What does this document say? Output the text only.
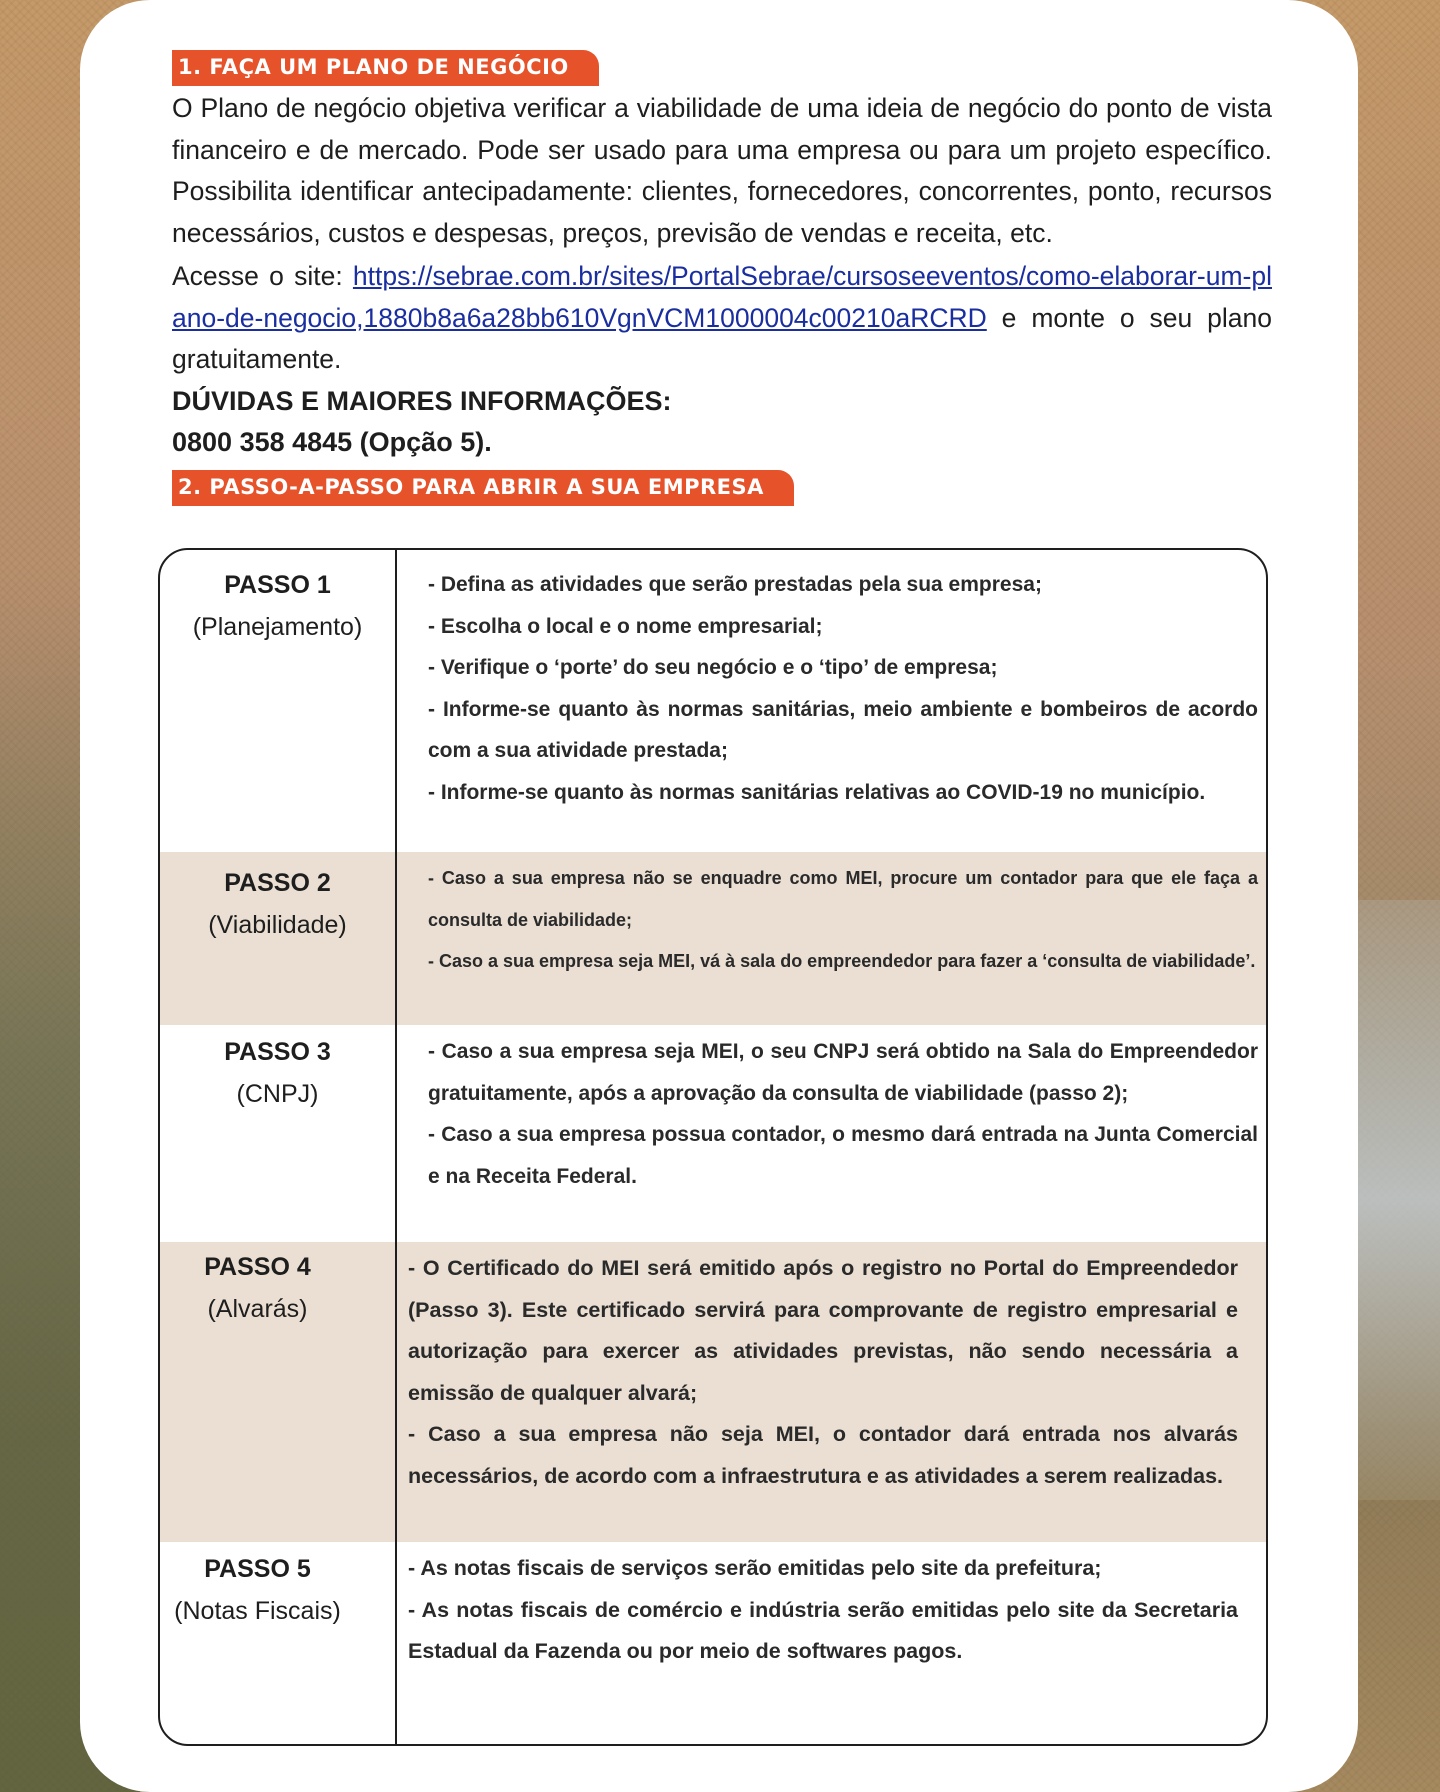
1. FAÇA UM PLANO DE NEGÓCIO

O Plano de negócio objetiva verificar a viabilidade de uma ideia de negócio do ponto de vista financeiro e de mercado. Pode ser usado para uma empresa ou para um projeto específico. Possibilita identificar antecipadamente: clientes, fornecedores, concorrentes, ponto, recursos necessários, custos e despesas, preços, previsão de vendas e receita, etc.

Acesse o site: https://sebrae.com.br/sites/PortalSebrae/cursoseeventos/como-elaborar-um-plano-de-negocio,1880b8a6a28bb610VgnVCM1000004c00210aRCRD e monte o seu plano gratuitamente.

DÚVIDAS E MAIORES INFORMAÇÕES:

0800 358 4845 (Opção 5).

2. PASSO-A-PASSO PARA ABRIR A SUA EMPRESA
PASSO 1
(Planejamento)

- Defina as atividades que serão prestadas pela sua empresa;

- Escolha o local e o nome empresarial;

- Verifique o ‘porte’ do seu negócio e o ‘tipo’ de empresa;

- Informe-se quanto às normas sanitárias, meio ambiente e bombeiros de acordo com a sua atividade prestada;

- Informe-se quanto às normas sanitárias relativas ao COVID-19 no município.

PASSO 2
(Viabilidade)

- Caso a sua empresa não se enquadre como MEI, procure um contador para que ele faça a consulta de viabilidade;

- Caso a sua empresa seja MEI, vá à sala do empreendedor para fazer a ‘consulta de viabilidade’.

PASSO 3
(CNPJ)

- Caso a sua empresa seja MEI, o seu CNPJ será obtido na Sala do Empreendedor gratuitamente, após a aprovação da consulta de viabilidade (passo 2);

- Caso a sua empresa possua contador, o mesmo dará entrada na Junta Comercial e na Receita Federal.

PASSO 4
(Alvarás)

- O Certificado do MEI será emitido após o registro no Portal do Empreendedor (Passo 3). Este certificado servirá para comprovante de registro empresarial e autorização para exercer as atividades previstas, não sendo necessária a emissão de qualquer alvará;

- Caso a sua empresa não seja MEI, o contador dará entrada nos alvarás necessários, de acordo com a infraestrutura e as atividades a serem realizadas.

PASSO 5
(Notas Fiscais)

- As notas fiscais de serviços serão emitidas pelo site da prefeitura;

- As notas fiscais de comércio e indústria serão emitidas pelo site da Secretaria Estadual da Fazenda ou por meio de softwares pagos.
